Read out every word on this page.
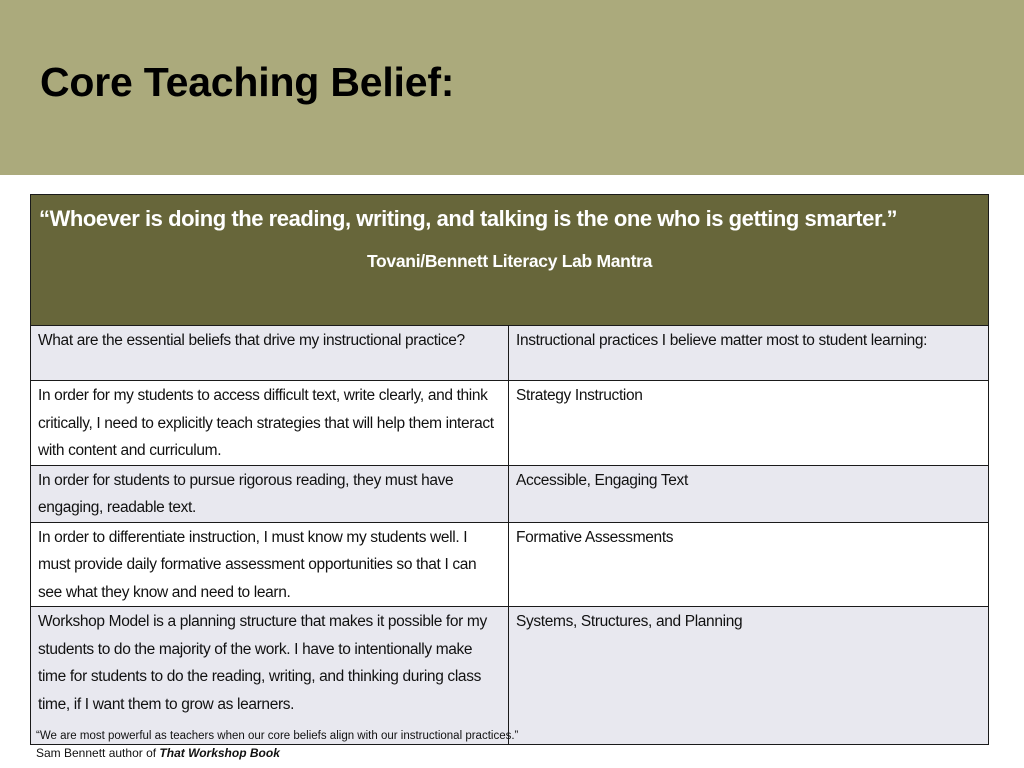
Core Teaching Belief:
“Whoever is doing the reading, writing, and talking is the one who is getting smarter.”
Tovani/Bennett Literacy Lab Mantra	

What are the essential beliefs that drive my instructional practice?	Instructional practices I believe matter most to student learning:
In order for my students to access difficult text, write clearly, and think critically, I need to explicitly teach strategies that will help them interact with content and curriculum.	Strategy Instruction
In order for students to pursue rigorous reading, they must have engaging, readable text.	Accessible, Engaging Text
In order to differentiate instruction, I must know my students well. I must provide daily formative assessment opportunities so that I can see what they know and need to learn.	Formative Assessments
Workshop Model is a planning structure that makes it possible for my students to do the majority of the work. I have to intentionally make time for students to do the reading, writing, and thinking during class time, if I want them to grow as learners.	Systems, Structures, and Planning
“We are most powerful as teachers when our core beliefs align with our instructional practices.”
Sam Bennett author of That Workshop Book
